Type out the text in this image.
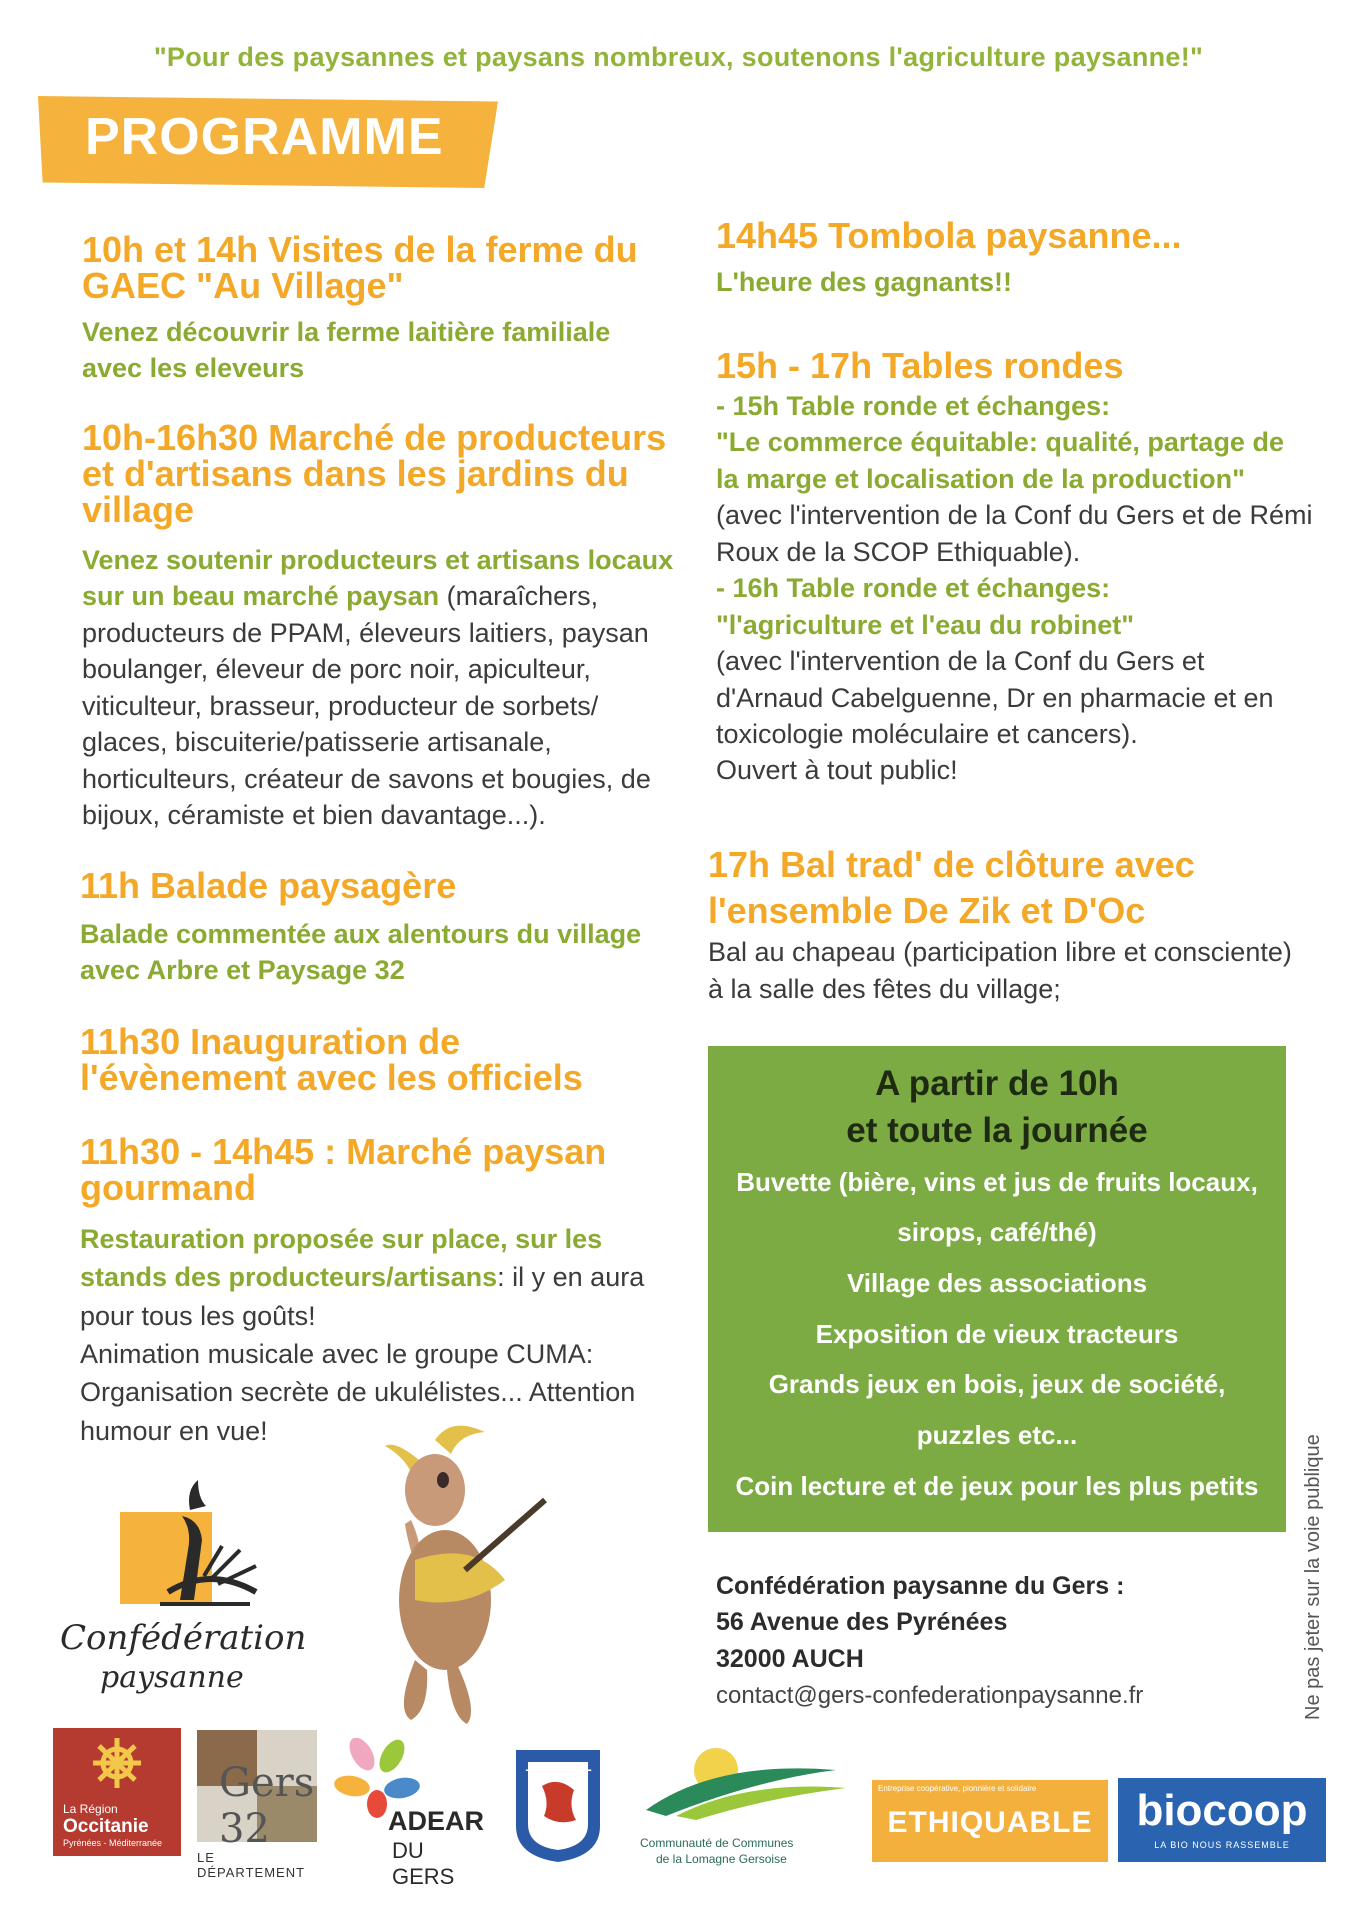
"Pour des paysannes et paysans nombreux, soutenons l'agriculture paysanne!"
PROGRAMME
10h et 14h Visites de la ferme du
GAEC "Au Village"
Venez découvrir la ferme laitière familiale
avec les eleveurs
10h-16h30 Marché de producteurs
et d'artisans dans les jardins du
village
Venez soutenir producteurs et artisans locaux
sur un beau marché paysan (maraîchers,
producteurs de PPAM, éleveurs laitiers, paysan
boulanger, éleveur de porc noir, apiculteur,
viticulteur, brasseur, producteur de sorbets/
glaces, biscuiterie/patisserie artisanale,
horticulteurs, créateur de savons et bougies, de
bijoux, céramiste et bien davantage...).
11h Balade paysagère
Balade commentée aux alentours du village
avec Arbre et Paysage 32
11h30 Inauguration de
l'évènement avec les officiels
11h30 - 14h45 : Marché paysan
gourmand
Restauration proposée sur place, sur les
stands des producteurs/artisans: il y en aura
pour tous les goûts!
Animation musicale avec le groupe CUMA:
Organisation secrète de ukulélistes... Attention
humour en vue!
14h45 Tombola paysanne...
L'heure des gagnants!!
15h - 17h Tables rondes
- 15h Table ronde et échanges:
"Le commerce équitable: qualité, partage de
la marge et localisation de la production"
(avec l'intervention de la Conf du Gers et de Rémi
Roux de la SCOP Ethiquable).
- 16h Table ronde et échanges:
"l'agriculture et l'eau du robinet"
(avec l'intervention de la Conf du Gers et
d'Arnaud Cabelguenne, Dr en pharmacie et en
toxicologie moléculaire et cancers).
Ouvert à tout public!
17h Bal trad' de clôture avec
l'ensemble De Zik et D'Oc
Bal au chapeau (participation libre et consciente)
à la salle des fêtes du village;
A partir de 10h
et toute la journée
Buvette (bière, vins et jus de fruits locaux,
sirops, café/thé)
Village des associations
Exposition de vieux tracteurs
Grands jeux en bois, jeux de société,
puzzles etc...
Coin lecture et de jeux pour les plus petits
Confédération paysanne du Gers :
56 Avenue des Pyrénées
32000 AUCH
contact@gers-confederationpaysanne.fr	Ne pas jeter sur la voie publique
Confédération
paysanne
La Région
Occitanie
Pyrénées - Méditerranée
Gers 32
LE DÉPARTEMENT
ADEAR
DU GERS
+ +
Communauté de Communes
de la Lomagne Gersoise
Entreprise coopérative, pionnière et solidaire
ETHIQUABLE biocoop
LA BIO NOUS RASSEMBLE
